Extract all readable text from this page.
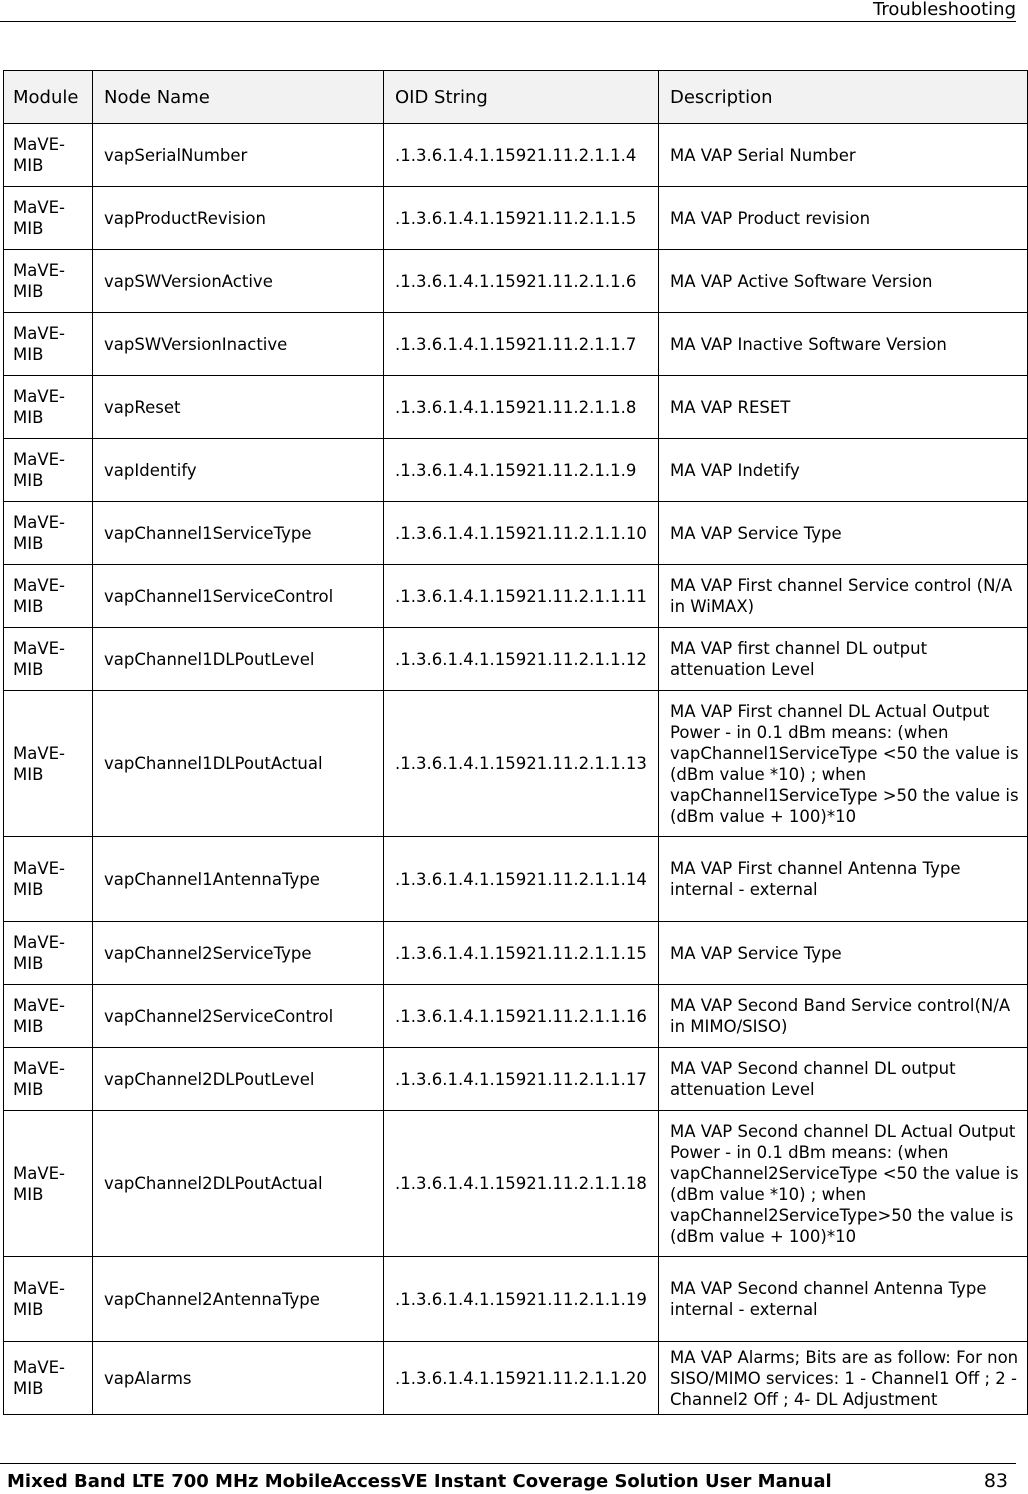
Troubleshooting
Module	Node Name	OID String	Description
MaVE-MIB	vapSerialNumber	.1.3.6.1.4.1.15921.11.2.1.1.4	MA VAP Serial Number
MaVE-MIB	vapProductRevision	.1.3.6.1.4.1.15921.11.2.1.1.5	MA VAP Product revision
MaVE-MIB	vapSWVersionActive	.1.3.6.1.4.1.15921.11.2.1.1.6	MA VAP Active Software Version
MaVE-MIB	vapSWVersionInactive	.1.3.6.1.4.1.15921.11.2.1.1.7	MA VAP Inactive Software Version
MaVE-MIB	vapReset	.1.3.6.1.4.1.15921.11.2.1.1.8	MA VAP RESET
MaVE-MIB	vapIdentify	.1.3.6.1.4.1.15921.11.2.1.1.9	MA VAP Indetify
MaVE-MIB	vapChannel1ServiceType	.1.3.6.1.4.1.15921.11.2.1.1.10	MA VAP Service Type
MaVE-MIB	vapChannel1ServiceControl	.1.3.6.1.4.1.15921.11.2.1.1.11	MA VAP First channel Service control (N/A in WiMAX)
MaVE-MIB	vapChannel1DLPoutLevel	.1.3.6.1.4.1.15921.11.2.1.1.12	MA VAP first channel DL output attenuation Level
MaVE-MIB	vapChannel1DLPoutActual	.1.3.6.1.4.1.15921.11.2.1.1.13	MA VAP First channel DL Actual Output Power - in 0.1 dBm means: (when vapChannel1ServiceType <50 the value is (dBm value *10) ; when vapChannel1ServiceType >50 the value is (dBm value + 100)*10
MaVE-MIB	vapChannel1AntennaType	.1.3.6.1.4.1.15921.11.2.1.1.14	MA VAP First channel Antenna Type internal - external
MaVE-MIB	vapChannel2ServiceType	.1.3.6.1.4.1.15921.11.2.1.1.15	MA VAP Service Type
MaVE-MIB	vapChannel2ServiceControl	.1.3.6.1.4.1.15921.11.2.1.1.16	MA VAP Second Band Service control(N/A in MIMO/SISO)
MaVE-MIB	vapChannel2DLPoutLevel	.1.3.6.1.4.1.15921.11.2.1.1.17	MA VAP Second channel DL output attenuation Level
MaVE-MIB	vapChannel2DLPoutActual	.1.3.6.1.4.1.15921.11.2.1.1.18	MA VAP Second channel DL Actual Output Power - in 0.1 dBm means: (when vapChannel2ServiceType <50 the value is (dBm value *10) ; when vapChannel2ServiceType>50 the value is (dBm value + 100)*10
MaVE-MIB	vapChannel2AntennaType	.1.3.6.1.4.1.15921.11.2.1.1.19	MA VAP Second channel Antenna Type internal - external
MaVE-MIB	vapAlarms	.1.3.6.1.4.1.15921.11.2.1.1.20	MA VAP Alarms; Bits are as follow: For non SISO/MIMO services: 1 - Channel1 Off ; 2 - Channel2 Off ; 4- DL Adjustment
Mixed Band LTE 700 MHz MobileAccessVE Instant Coverage Solution User Manual	83
